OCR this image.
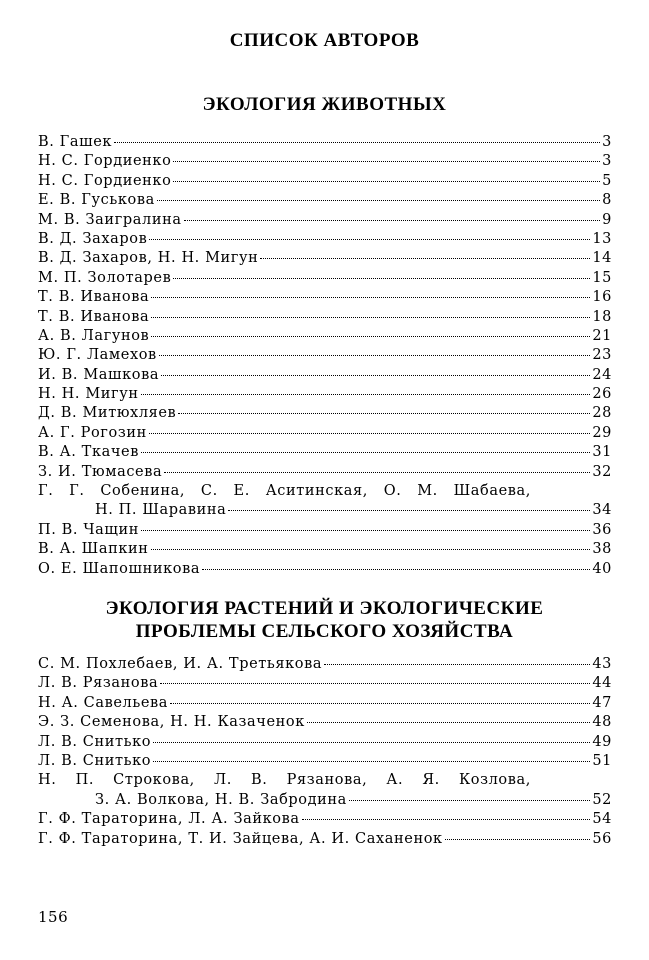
СПИСОК АВТОРОВ
ЭКОЛОГИЯ ЖИВОТНЫХ
В. Гашек	3
Н. С. Гордиенко	3
Н. С. Гордиенко	5
Е. В. Гуськова	8
М. В. Заигралина	9
В. Д. Захаров	13
В. Д. Захаров, Н. Н. Мигун	14
М. П. Золотарев	15
Т. В. Иванова	16
Т. В. Иванова	18
А. В. Лагунов	21
Ю. Г. Ламехов	23
И. В. Машкова	24
Н. Н. Мигун	26
Д. В. Митюхляев	28
А. Г. Рогозин	29
В. А. Ткачев	31
З. И. Тюмасева	32
Г. Г. Собенина, С. Е. Аситинская, О. М. Шабаева,
Н. П. Шаравина	34
П. В. Чащин	36
В. А. Шапкин	38
О. Е. Шапошникова	40
ЭКОЛОГИЯ РАСТЕНИЙ И ЭКОЛОГИЧЕСКИЕ
ПРОБЛЕМЫ СЕЛЬСКОГО ХОЗЯЙСТВА
С. М. Похлебаев, И. А. Третьякова	43
Л. В. Рязанова	44
Н. А. Савельева	47
Э. З. Семенова, Н. Н. Казаченок	48
Л. В. Снитько	49
Л. В. Снитько	51
Н. П. Строкова, Л. В. Рязанова, А. Я. Козлова,
З. А. Волкова, Н. В. Забродина	52
Г. Ф. Тараторина, Л. А. Зайкова	54
Г. Ф. Тараторина, Т. И. Зайцева, А. И. Саханенок	56
156
